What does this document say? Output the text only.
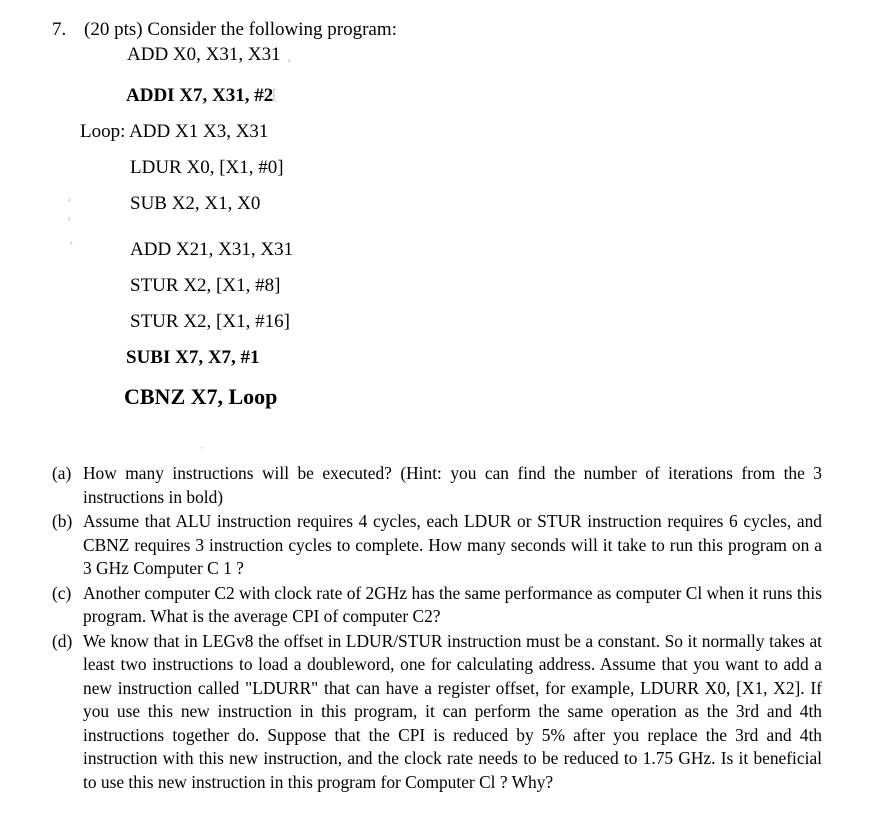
7. (20 pts) Consider the following program:
ADD X0, X31, X31 ‚
ADDI X7, X31, #2
⁅
Loop: ADD X1 X3, X31
LDUR X0, [X1, #0]
SUB X2, X1, X0
‘
‘
‘	ADD X21, X31, X31
STUR X2, [X1, #8]
STUR X2, [X1, #16]
SUBI X7, X7, #1
CBNZ X7, Loop
˙
(a) How many instructions will be executed? (Hint: you can find the number of iterations from the 3 instructions in bold)
(b) Assume that ALU instruction requires 4 cycles, each LDUR or STUR instruction requires 6 cycles, and CBNZ requires 3 instruction cycles to complete. How many seconds will it take to run this program on a 3 GHz Computer C 1 ?
(c) Another computer C2 with clock rate of 2GHz has the same performance as computer Cl when it runs this program. What is the average CPI of computer C2?
(d) We know that in LEGv8 the offset in LDUR/STUR instruction must be a constant. So it normally takes at least two instructions to load a doubleword, one for calculating address. Assume that you want to add a new instruction called "LDURR" that can have a register offset, for example, LDURR X0, [X1, X2]. If you use this new instruction in this program, it can perform the same operation as the 3rd and 4th instructions together do. Suppose that the CPI is reduced by 5% after you replace the 3rd and 4th instruction with this new instruction, and the clock rate needs to be reduced to 1.75 GHz. Is it beneficial to use this new instruction in this program for Computer Cl ? Why?
